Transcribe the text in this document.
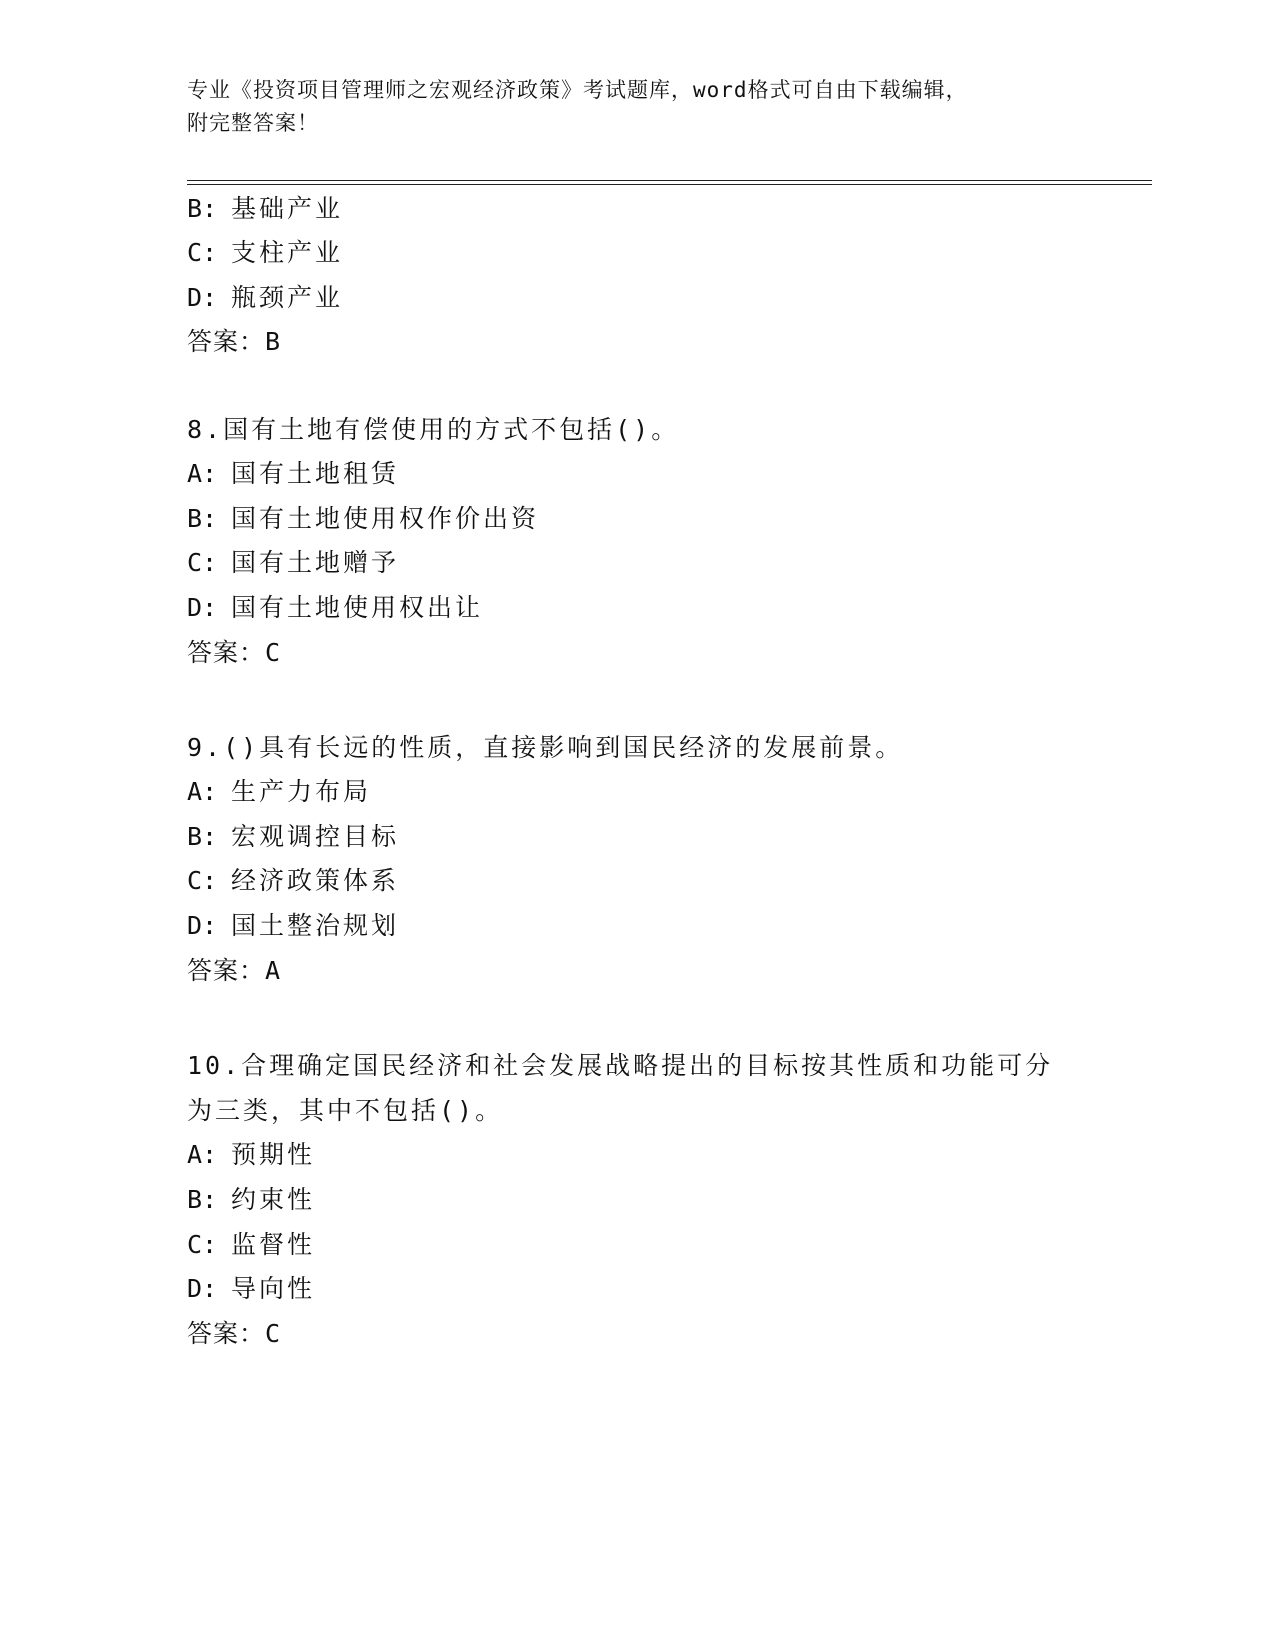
专业《投资项目管理师之宏观经济政策》考试题库，word格式可自由下载编辑，
附完整答案！
B: 基础产业
C: 支柱产业
D: 瓶颈产业
答案：B
8.国有土地有偿使用的方式不包括()。
A: 国有土地租赁
B: 国有土地使用权作价出资
C: 国有土地赠予
D: 国有土地使用权出让
答案：C
9.()具有长远的性质，直接影响到国民经济的发展前景。
A: 生产力布局
B: 宏观调控目标
C: 经济政策体系
D: 国土整治规划
答案：A
10.合理确定国民经济和社会发展战略提出的目标按其性质和功能可分
为三类，其中不包括()。
A: 预期性
B: 约束性
C: 监督性
D: 导向性
答案：C
